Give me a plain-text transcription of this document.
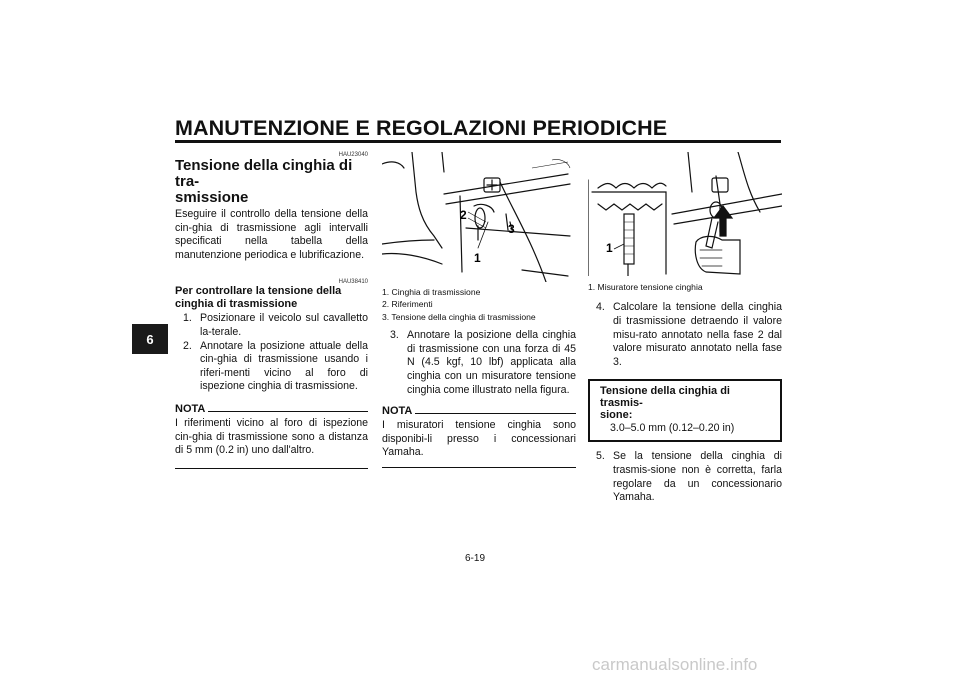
MANUTENZIONE E REGOLAZIONI PERIODICHE
6
HAU23040
Tensione della cinghia di tra-
smissione
Eseguire il controllo della tensione della cin-ghia di trasmissione agli intervalli specificati nella tabella della manutenzione periodica e lubrificazione.
HAU38410
Per controllare la tensione della cinghia di trasmissione
1. Posizionare il veicolo sul cavalletto la-terale.
2. Annotare la posizione attuale della cin-ghia di trasmissione usando i riferi-menti vicino al foro di ispezione cinghia di trasmissione.
NOTA
I riferimenti vicino al foro di ispezione cin-ghia di trasmissione sono a distanza di 5 mm (0.2 in) uno dall'altro.
2
3
1
1. Cinghia di trasmissione
2. Riferimenti
3. Tensione della cinghia di trasmissione
3. Annotare la posizione della cinghia di trasmissione con una forza di 45 N (4.5 kgf, 10 lbf) applicata alla cinghia con un misuratore tensione cinghia come illustrato nella figura.
NOTA
I misuratori tensione cinghia sono disponibi-li presso i concessionari Yamaha.
1
1. Misuratore tensione cinghia
4. Calcolare la tensione della cinghia di trasmissione detraendo il valore misu-rato annotato nella fase 2 dal valore misurato annotato nella fase 3.
Tensione della cinghia di trasmis-
sione:
3.0–5.0 mm (0.12–0.20 in)
5. Se la tensione della cinghia di trasmis-sione non è corretta, farla regolare da un concessionario Yamaha.
6-19
carmanualsonline.info
